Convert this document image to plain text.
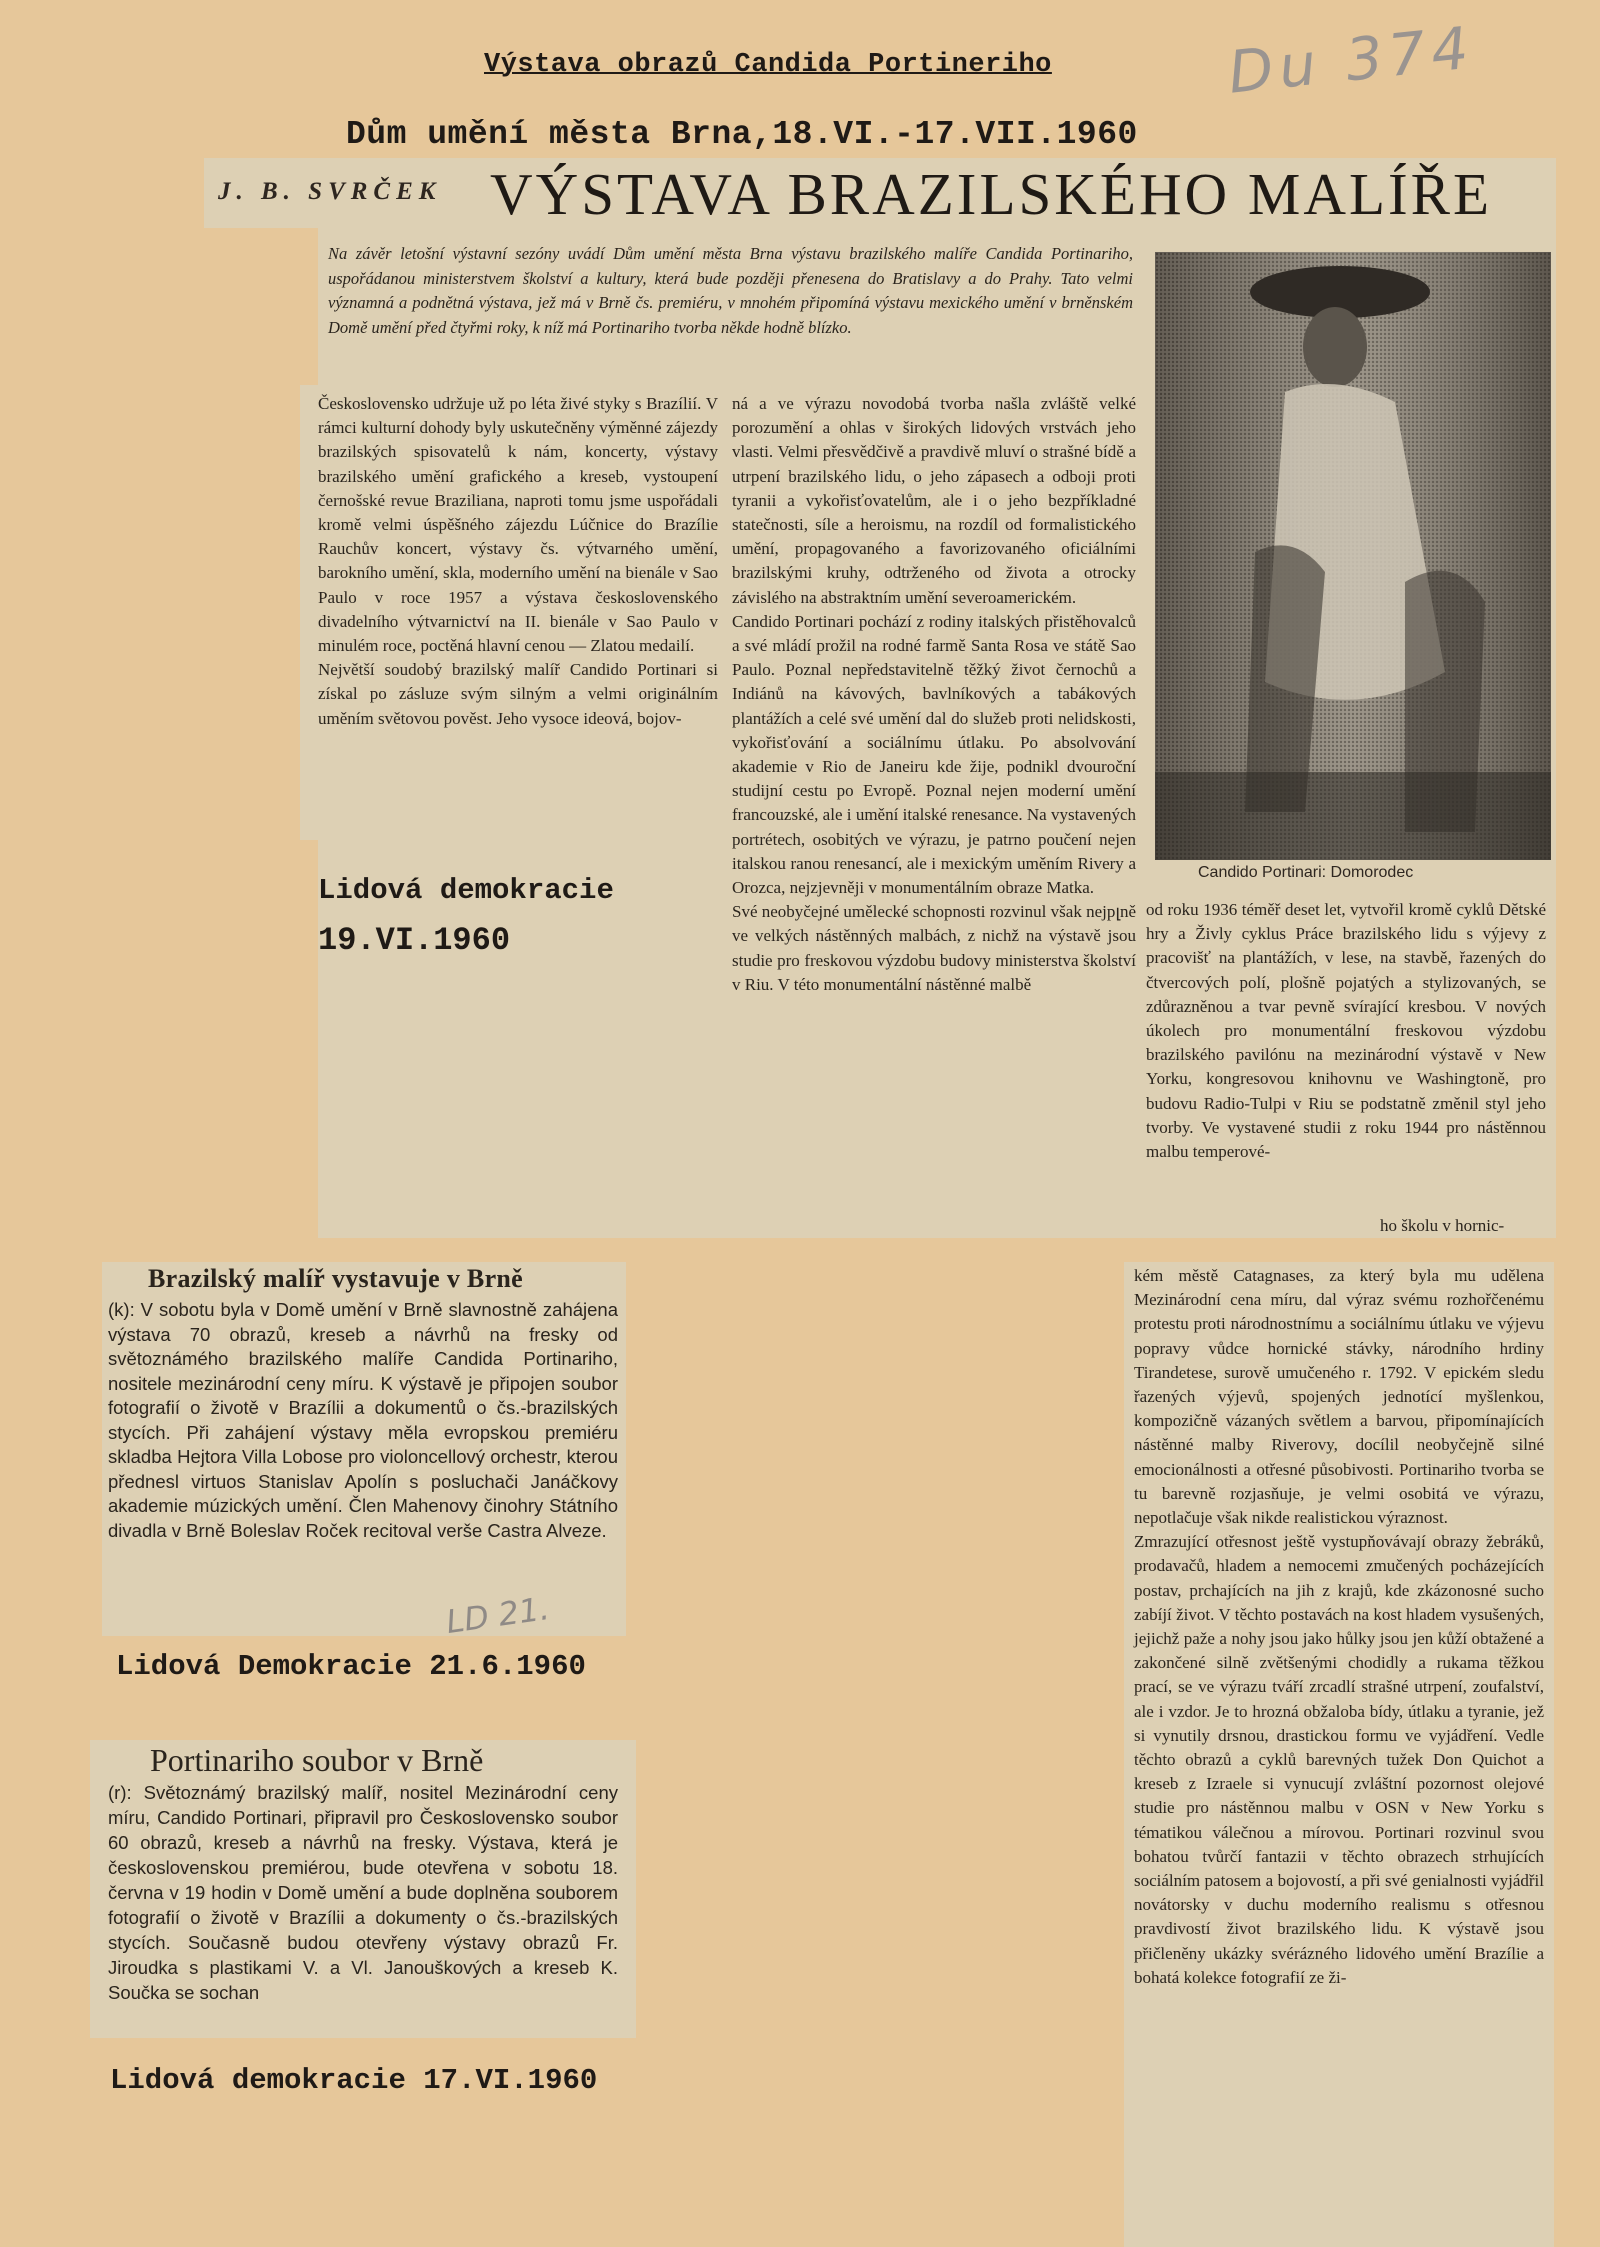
Výstava obrazů Candida Portineriho
Dům umění města Brna,18.VI.-17.VII.1960
Du 374
J. B. SVRČEK VÝSTAVA BRAZILSKÉHO MALÍŘE

Na závěr letošní výstavní sezóny uvádí Dům umění města Brna výstavu brazilského malíře Candida Portinariho, uspořádanou ministerstvem školství a kultury, která bude později přenesena do Bratislavy a do Prahy. Tato velmi významná a podnětná výstava, jež má v Brně čs. premiéru, v mnohém připomíná výstavu mexického umění v brněnském Domě umění před čtyřmi roky, k níž má Portinariho tvorba někde hodně blízko.

Československo udržuje už po léta živé styky s Brazílií. V rámci kulturní dohody byly uskutečněny výměnné zájezdy brazilských spisovatelů k nám, koncerty, výstavy brazilského umění grafického a kreseb, vystoupení černošské revue Braziliana, naproti tomu jsme uspořádali kromě velmi úspěšného zájezdu Lúčnice do Brazílie Rauchův koncert, výstavy čs. výtvarného umění, barokního umění, skla, moderního umění na bienále v Sao Paulo v roce 1957 a výstava československého divadelního výtvarnictví na II. bienále v Sao Paulo v minulém roce, poctěná hlavní cenou — Zlatou medailí.
Největší soudobý brazilský malíř Candido Portinari si získal po zásluze svým silným a velmi originálním uměním světovou pověst. Jeho vysoce ideová, bojov-

ná a ve výrazu novodobá tvorba našla zvláště velké porozumění a ohlas v širokých lidových vrstvách jeho vlasti. Velmi přesvědčivě a pravdivě mluví o strašné bídě a utrpení brazilského lidu, o jeho zápasech a odboji proti tyranii a vykořisťovatelům, ale i o jeho bezpříkladné statečnosti, síle a heroismu, na rozdíl od formalistického umění, propagovaného a favorizovaného oficiálními brazilskými kruhy, odtrženého od života a otrocky závislého na abstraktním umění severoamerickém.
Candido Portinari pochází z rodiny italských přistěhovalců a své mládí prožil na rodné farmě Santa Rosa ve státě Sao Paulo. Poznal nepředstavitelně těžký život černochů a Indiánů na kávových, bavlníkových a tabákových plantážích a celé své umění dal do služeb proti nelidskosti, vykořisťování a sociálnímu útlaku. Po absolvování akademie v Rio de Janeiru kde žije, podnikl dvouroční studijní cestu po Evropě. Poznal nejen moderní umění francouzské, ale i umění italské renesance. Na vystavených portrétech, osobitých ve výrazu, je patrno poučení nejen italskou ranou renesancí, ale i mexickým uměním Rivery a Orozca, nejzjevněji v monumentálním obraze Matka.
Své neobyčejné umělecké schopnosti rozvinul však nejpլně ve velkých nástěnných malbách, z nichž na výstavě jsou studie pro freskovou výzdobu budovy ministerstva školství v Riu. V této monumentální nástěnné malbě

Candido Portinari: Domorodec

od roku 1936 téměř deset let, vytvořil kromě cyklů Dětské hry a Živly cyklus Práce brazilského lidu s výjevy z pracovišť na plantážích, v lese, na stavbě, řazených do čtvercových polí, plošně pojatých a stylizovaných, se zdůrazněnou a tvar pevně svírající kresbou. V nových úkolech pro monumentální freskovou výzdobu brazilského pavilónu na mezinárodní výstavě v New Yorku, kongresovou knihovnu ve Washingtoně, pro budovu Radio-Tulpi v Riu se podstatně změnil styl jeho tvorby. Ve vystavené studii z roku 1944 pro nástěnnou malbu temperové-

ho školu v hornic-

kém městě Catagnases, za který byla mu udělena Mezinárodní cena míru, dal výraz svému rozhořčenému protestu proti národnostnímu a sociálnímu útlaku ve výjevu popravy vůdce hornické stávky, národního hrdiny Tirandetese, surově umučeného r. 1792. V epickém sledu řazených výjevů, spojených jednotící myšlenkou, kompozičně vázaných světlem a barvou, připomínajících nástěnné malby Riverovy, docílil neobyčejně silné emocionálnosti a otřesné působivosti. Portinariho tvorba se tu barevně rozjasňuje, je velmi osobitá ve výrazu, nepotlačuje však nikde realistickou výraznost.
Zmrazující otřesnost ještě vystupňovávají obrazy žebráků, prodavačů, hladem a nemocemi zmučených pocházejících postav, prchajících na jih z krajů, kde zkázonosné sucho zabíjí život. V těchto postavách na kost hladem vysušených, jejichž paže a nohy jsou jako hůlky jsou jen kůží obtažené a zakončené silně zvětšenými chodidly a rukama těžkou prací, se ve výrazu tváří zrcadlí strašné utrpení, zoufalství, ale i vzdor. Je to hrozná obžaloba bídy, útlaku a tyranie, jež si vynutily drsnou, drastickou formu ve vyjádření. Vedle těchto obrazů a cyklů barevných tužek Don Quichot a kreseb z Izraele si vynucují zvláštní pozornost olejové studie pro nástěnnou malbu v OSN v New Yorku s tématikou válečnou a mírovou. Portinari rozvinul svou bohatou tvůrčí fantazii v těchto obrazech strhujících sociálním patosem a bojovostí, a při své genialnosti vyjádřil novátorsky v duchu moderního realismu s otřesnou pravdivostí život brazilského lidu. K výstavě jsou přičleněny ukázky svérázného lidového umění Brazílie a bohatá kolekce fotografií ze ži-

Lidová demokracie
19.VI.1960
Brazilský malíř vystavuje v Brně

(k): V sobotu byla v Domě umění v Brně slavnostně zahájena výstava 70 obrazů, kreseb a návrhů na fresky od světoznámého brazilského malíře Candida Portinariho, nositele mezinárodní ceny míru. K výstavě je připojen soubor fotografií o životě v Brazílii a dokumentů o čs.-brazilských stycích. Při zahájení výstavy měla evropskou premiéru skladba Hejtora Villa Lobose pro violoncellový orchestr, kterou přednesl virtuos Stanislav Apolín s posluchači Janáčkovy akademie múzických umění. Člen Mahenovy činohry Státního divadla v Brně Boleslav Roček recitoval verše Castra Alveze.

LD 21.
Lidová Demokracie 21.6.1960
Portinariho soubor v Brně

(r): Světoznámý brazilský malíř, nositel Mezinárodní ceny míru, Candido Portinari, připravil pro Československo soubor 60 obrazů, kreseb a návrhů na fresky. Výstava, která je československou premiérou, bude otevřena v sobotu 18. června v 19 hodin v Domě umění a bude doplněna souborem fotografií o životě v Brazílii a dokumenty o čs.-brazilských stycích. Současně budou otevřeny výstavy obrazů Fr. Jiroudka s plastikami V. a Vl. Janouškových a kreseb K. Součka se sochan

Lidová demokracie 17.VI.1960
